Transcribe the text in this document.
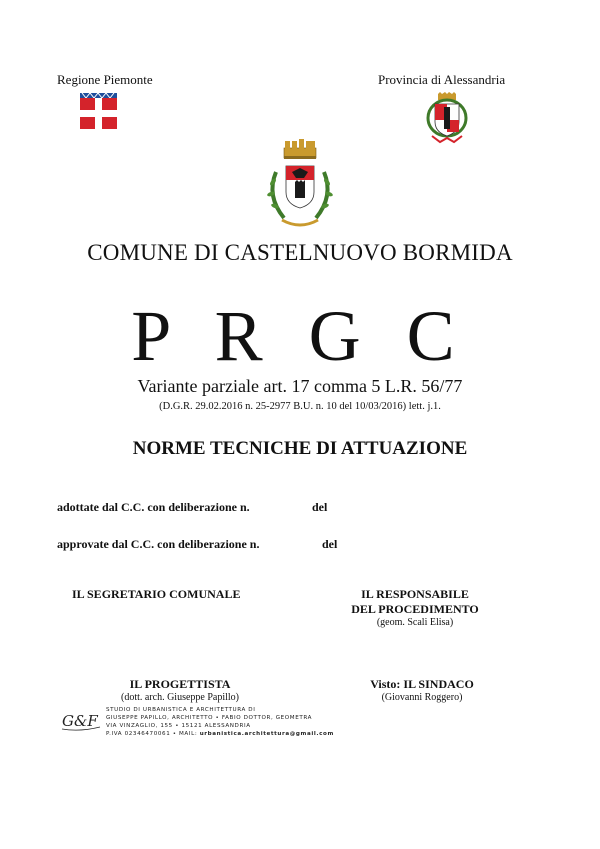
Regione Piemonte	Provincia di Alessandria
COMUNE DI CASTELNUOVO BORMIDA
P R G C
Variante parziale art. 17 comma 5 L.R. 56/77
(D.G.R. 29.02.2016 n. 25-2977 B.U. n. 10 del 10/03/2016) lett. j.1.
NORME TECNICHE DI ATTUAZIONE
adottate dal C.C. con deliberazione n.	del
approvate dal C.C. con deliberazione n.	del
IL SEGRETARIO COMUNALE	IL RESPONSABILE
DEL PROCEDIMENTO
(geom. Scali Elisa)
IL PROGETTISTA
(dott. arch. Giuseppe Papillo)
Visto: IL SINDACO
(Giovanni Roggero)
G&F
STUDIO DI URBANISTICA E ARCHITETTURA DI
GIUSEPPE PAPILLO, ARCHITETTO • FABIO DOTTOR, GEOMETRA
VIA VINZAGLIO, 155 • 15121 ALESSANDRIA
P.IVA 02346470061 • MAIL: urbanistica.architettura@gmail.com
